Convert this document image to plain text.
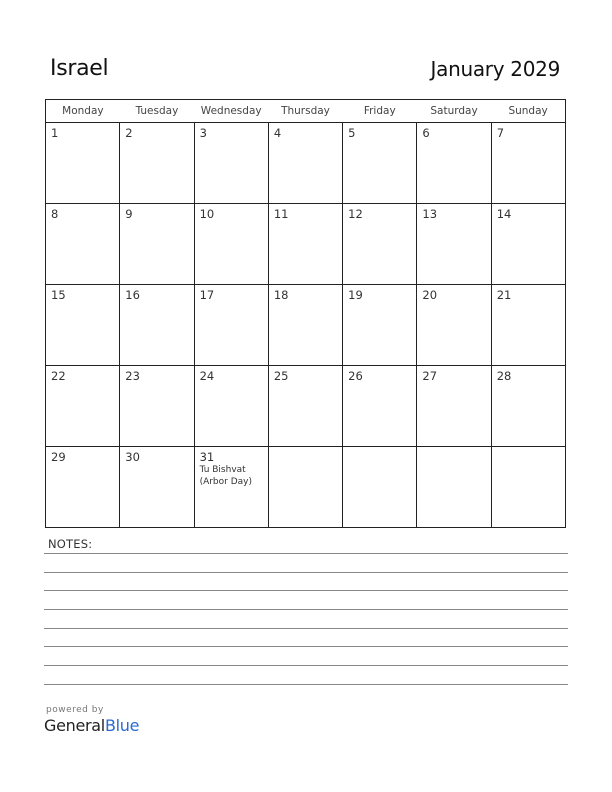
Israel	January 2029
Monday	Tuesday	Wednesday	Thursday	Friday	Saturday	Sunday

1	2	3	4	5	6	7

8	9	10	11	12	13	14

15	16	17	18	19	20	21

22	23	24	25	26	27	28

29	30	31
Tu Bishvat
(Arbor Day)				

NOTES:
powered by
GeneralBlue
